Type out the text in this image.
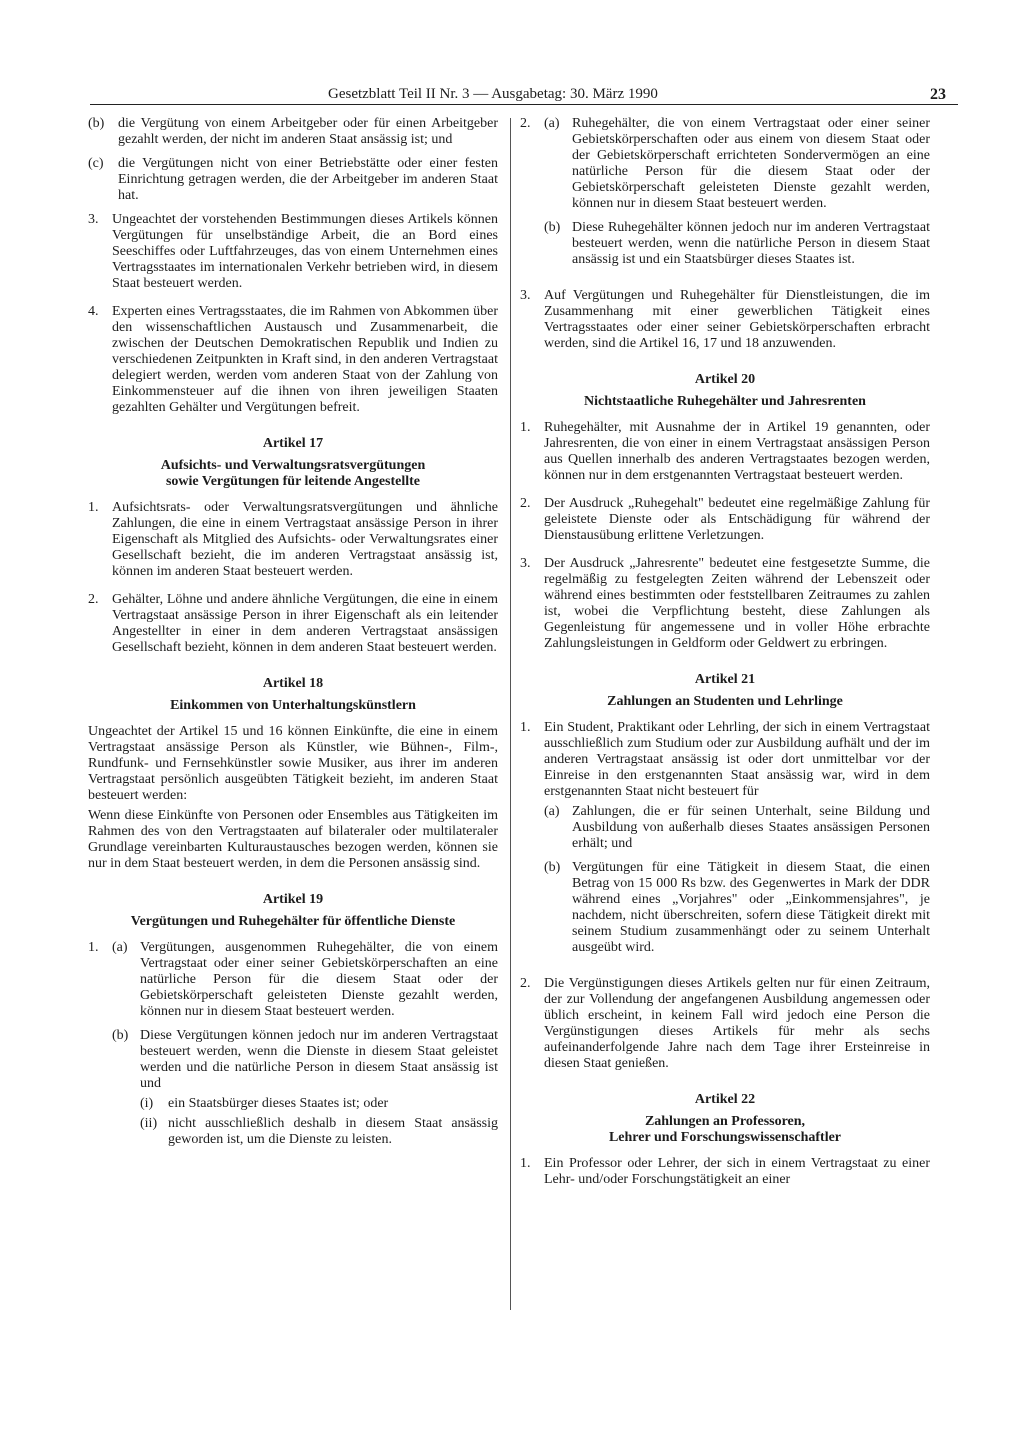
Gesetzblatt Teil II Nr. 3 — Ausgabetag: 30. März 1990	23
(b) die Vergütung von einem Arbeitgeber oder für einen Arbeitgeber gezahlt werden, der nicht im anderen Staat ansässig ist; und
(c)	die Vergütungen nicht von einer Betriebstätte oder einer festen Einrichtung getragen werden, die der Arbeitgeber im anderen Staat hat.
3. Ungeachtet der vorstehenden Bestimmungen dieses Artikels können Vergütungen für unselbständige Arbeit, die an Bord eines Seeschiffes oder Luftfahrzeuges, das von einem Unternehmen eines Vertragsstaates im internationalen Verkehr betrieben wird, in diesem Staat besteuert werden.
4. Experten eines Vertragsstaates, die im Rahmen von Abkommen über den wissenschaftlichen Austausch und Zusammenarbeit, die zwischen der Deutschen Demokratischen Republik und Indien zu verschiedenen Zeitpunkten in Kraft sind, in den anderen Vertragstaat delegiert werden, werden vom anderen Staat von der Zahlung von Einkommensteuer auf die ihnen von ihren jeweiligen Staaten gezahlten Gehälter und Vergütungen befreit.
Artikel 17
Aufsichts- und Verwaltungsratsvergütungen
sowie Vergütungen für leitende Angestellte
1. Aufsichtsrats- oder Verwaltungsratsvergütungen und ähnliche Zahlungen, die eine in einem Vertragstaat ansässige Person in ihrer Eigenschaft als Mitglied des Aufsichts- oder Verwaltungsrates einer Gesellschaft bezieht, die im anderen Vertragstaat ansässig ist, können im anderen Staat besteuert werden.
2. Gehälter, Löhne und andere ähnliche Vergütungen, die eine in einem Vertragstaat ansässige Person in ihrer Eigenschaft als ein leitender Angestellter in einer in dem anderen Vertragstaat ansässigen Gesellschaft bezieht, können in dem anderen Staat besteuert werden.
Artikel 18
Einkommen von Unterhaltungskünstlern
Ungeachtet der Artikel 15 und 16 können Einkünfte, die eine in einem Vertragstaat ansässige Person als Künstler, wie Bühnen-, Film-, Rundfunk- und Fernsehkünstler sowie Musiker, aus ihrer im anderen Vertragstaat persönlich ausgeübten Tätigkeit bezieht, im anderen Staat besteuert werden:
Wenn diese Einkünfte von Personen oder Ensembles aus Tätigkeiten im Rahmen des von den Vertragstaaten auf bilateraler oder multilateraler Grundlage vereinbarten Kulturaustausches bezogen werden, können sie nur in dem Staat besteuert werden, in dem die Personen ansässig sind.
Artikel 19
Vergütungen und Ruhegehälter für öffentliche Dienste
1. (a) Vergütungen, ausgenommen Ruhegehälter, die von einem Vertragstaat oder einer seiner Gebietskörperschaften an eine natürliche Person für die diesem Staat oder der Gebietskörperschaft geleisteten Dienste gezahlt werden, können nur in diesem Staat besteuert werden.
(b) Diese Vergütungen können jedoch nur im anderen Vertragstaat besteuert werden, wenn die Dienste in diesem Staat geleistet werden und die natürliche Person in diesem Staat ansässig ist und
(i)	ein Staatsbürger dieses Staates ist; oder
(ii) nicht ausschließlich deshalb in diesem Staat ansässig geworden ist, um die Dienste zu leisten.
2. (a) Ruhegehälter, die von einem Vertragstaat oder einer seiner Gebietskörperschaften oder aus einem von diesem Staat oder der Gebietskörperschaft errichteten Sondervermögen an eine natürliche Person für die diesem Staat oder der Gebietskörperschaft geleisteten Dienste gezahlt werden, können nur in diesem Staat besteuert werden.
(b) Diese Ruhegehälter können jedoch nur im anderen Vertragstaat besteuert werden, wenn die natürliche Person in diesem Staat ansässig ist und ein Staatsbürger dieses Staates ist.
3. Auf Vergütungen und Ruhegehälter für Dienstleistungen, die im Zusammenhang mit einer gewerblichen Tätigkeit eines Vertragsstaates oder einer seiner Gebietskörperschaften erbracht werden, sind die Artikel 16, 17 und 18 anzuwenden.
Artikel 20
Nichtstaatliche Ruhegehälter und Jahresrenten
1. Ruhegehälter, mit Ausnahme der in Artikel 19 genannten, oder Jahresrenten, die von einer in einem Vertragstaat ansässigen Person aus Quellen innerhalb des anderen Vertragstaates bezogen werden, können nur in dem erstgenannten Vertragstaat besteuert werden.
2. Der Ausdruck „Ruhegehalt" bedeutet eine regelmäßige Zahlung für geleistete Dienste oder als Entschädigung für während der Dienstausübung erlittene Verletzungen.
3. Der Ausdruck „Jahresrente" bedeutet eine festgesetzte Summe, die regelmäßig zu festgelegten Zeiten während der Lebenszeit oder während eines bestimmten oder feststellbaren Zeitraumes zu zahlen ist, wobei die Verpflichtung besteht, diese Zahlungen als Gegenleistung für angemessene und in voller Höhe erbrachte Zahlungsleistungen in Geldform oder Geldwert zu erbringen.
Artikel 21
Zahlungen an Studenten und Lehrlinge
1. Ein Student, Praktikant oder Lehrling, der sich in einem Vertragstaat ausschließlich zum Studium oder zur Ausbildung aufhält und der im anderen Vertragstaat ansässig ist oder dort unmittelbar vor der Einreise in den erstgenannten Staat ansässig war, wird in dem erstgenannten Staat nicht besteuert für
(a) Zahlungen, die er für seinen Unterhalt, seine Bildung und Ausbildung von außerhalb dieses Staates ansässigen Personen erhält; und
(b) Vergütungen für eine Tätigkeit in diesem Staat, die einen Betrag von 15 000 Rs bzw. des Gegenwertes in Mark der DDR während eines „Vorjahres" oder „Einkommensjahres", je nachdem, nicht überschreiten, sofern diese Tätigkeit direkt mit seinem Studium zusammenhängt oder zu seinem Unterhalt ausgeübt wird.
2. Die Vergünstigungen dieses Artikels gelten nur für einen Zeitraum, der zur Vollendung der angefangenen Ausbildung angemessen oder üblich erscheint, in keinem Fall wird jedoch eine Person die Vergünstigungen dieses Artikels für mehr als sechs aufeinanderfolgende Jahre nach dem Tage ihrer Ersteinreise in diesen Staat genießen.
Artikel 22
Zahlungen an Professoren,
Lehrer und Forschungswissenschaftler
1. Ein Professor oder Lehrer, der sich in einem Vertragstaat zu einer Lehr- und/oder Forschungstätigkeit an einer
